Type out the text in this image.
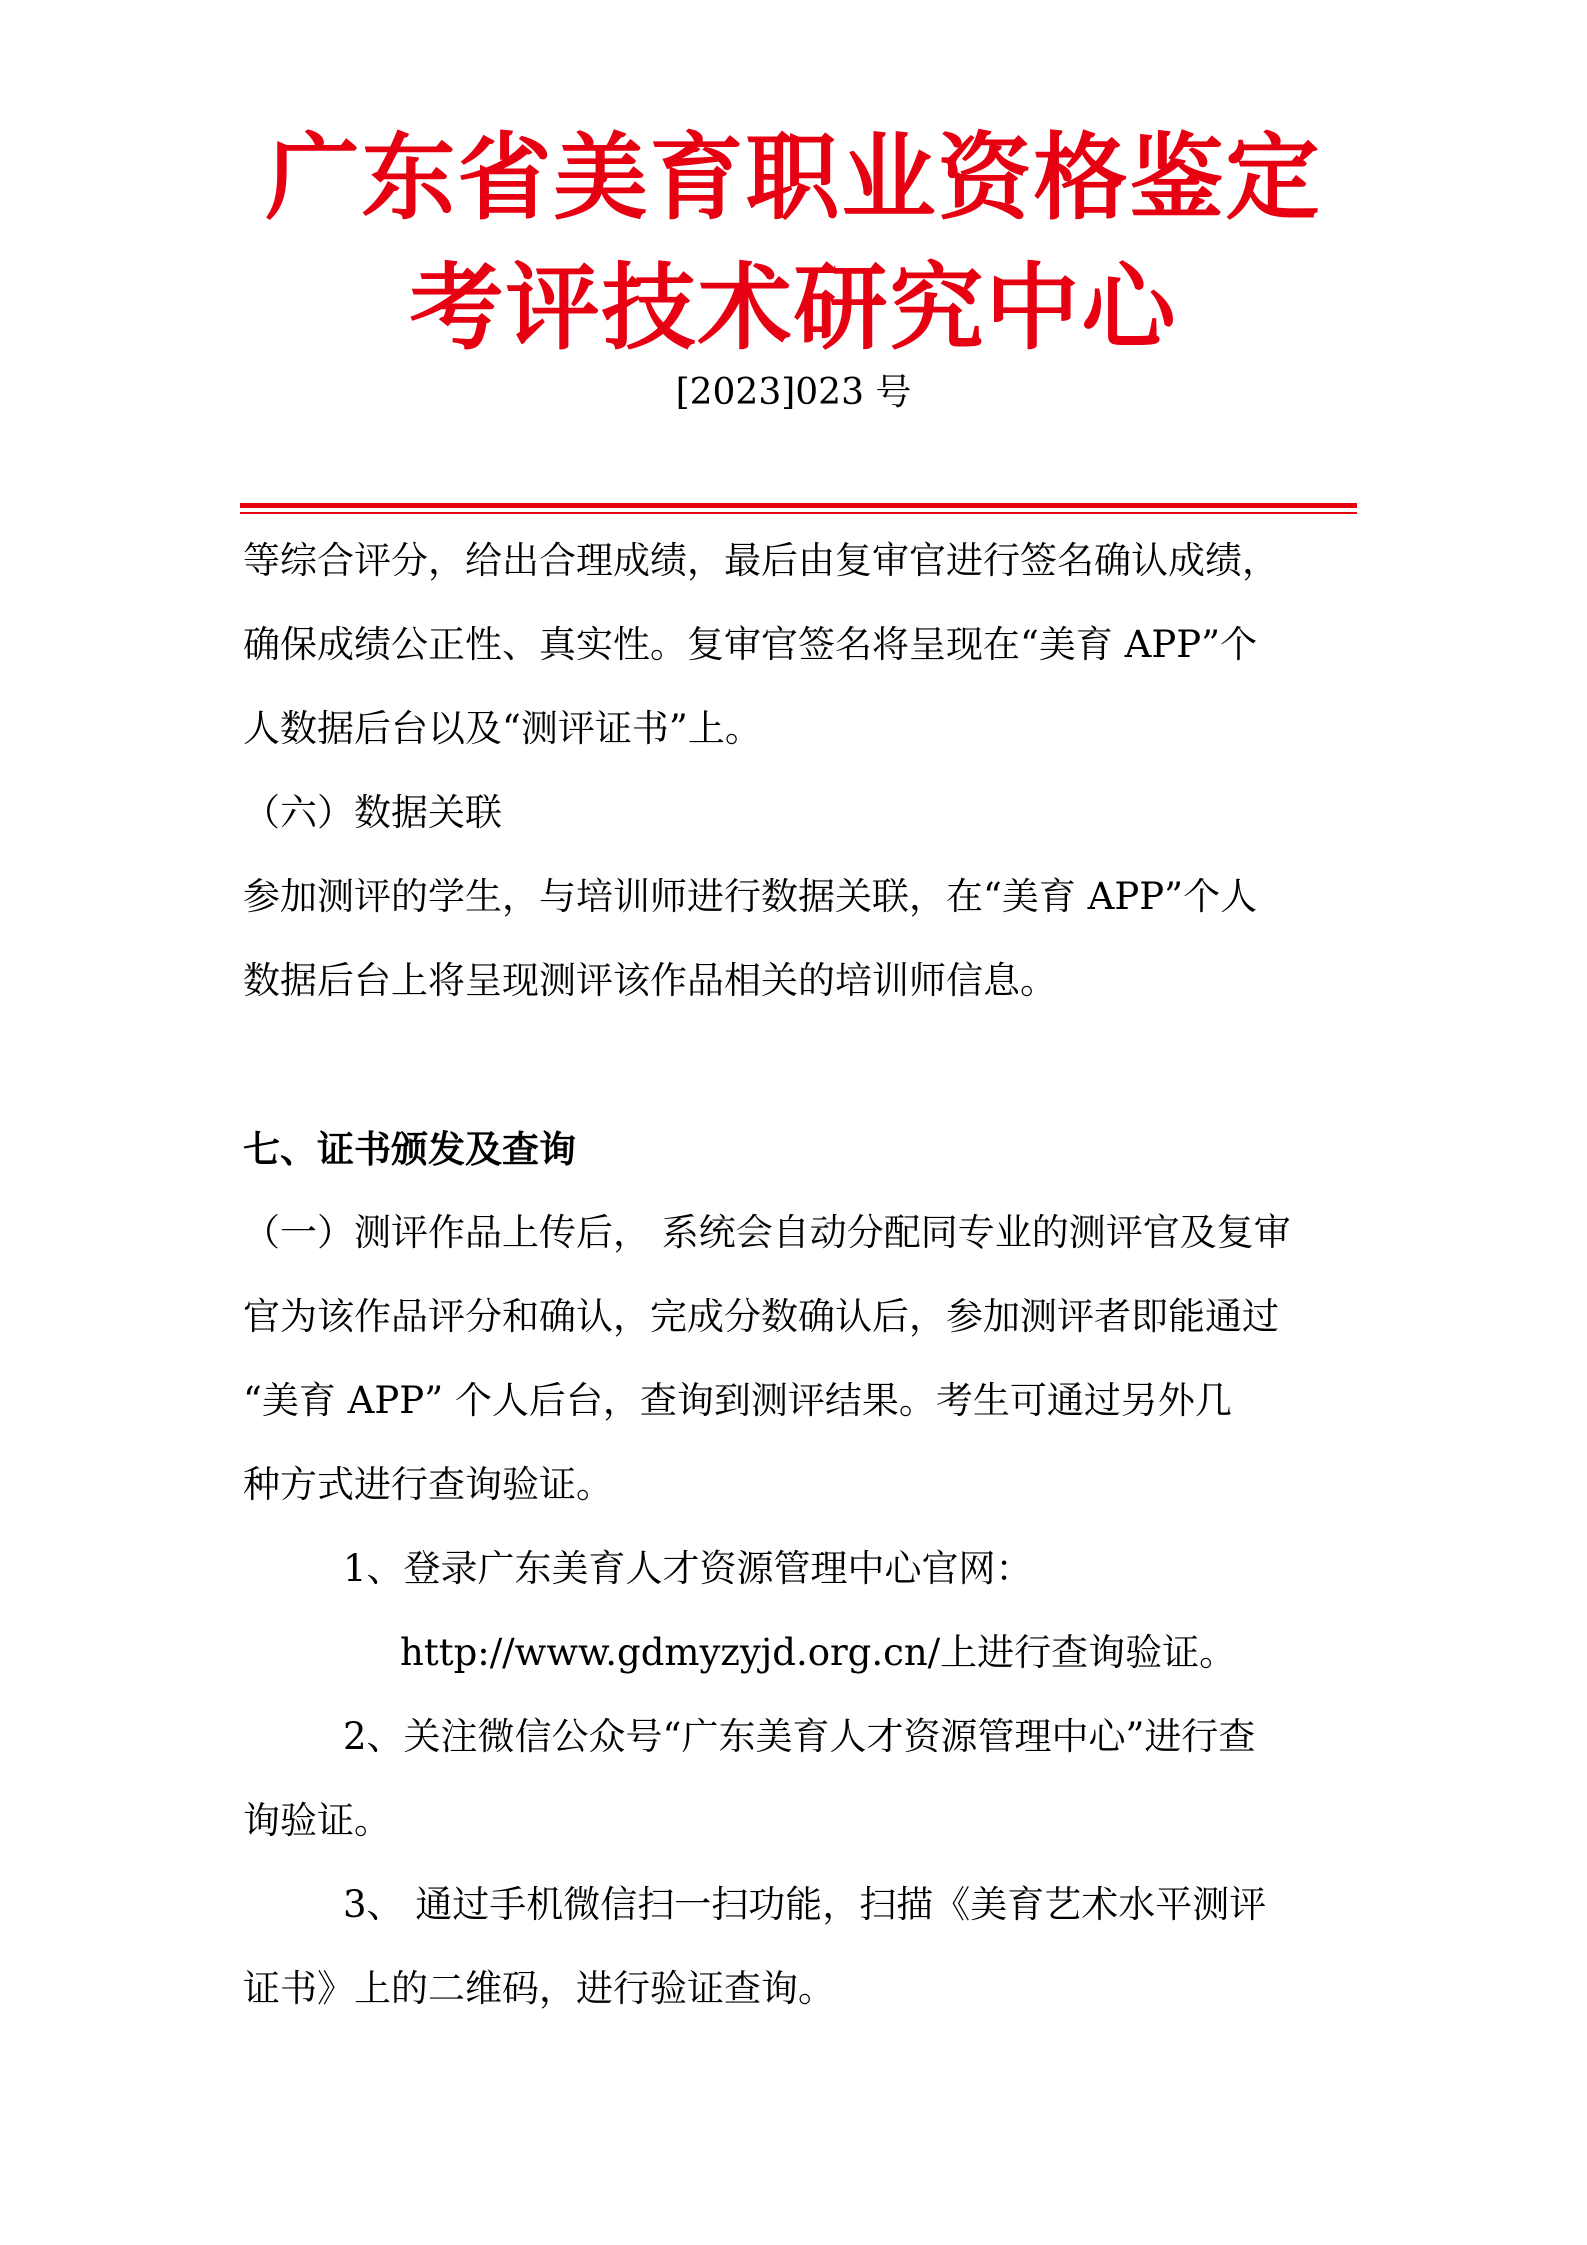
广东省美育职业资格鉴定
考评技术研究中心
[2023]023 号
等综合评分，给出合理成绩，最后由复审官进行签名确认成绩，
确保成绩公正性、真实性。复审官签名将呈现在“美育 APP”个
人数据后台以及“测评证书”上。
（六）数据关联
参加测评的学生，与培训师进行数据关联，在“美育 APP”个人
数据后台上将呈现测评该作品相关的培训师信息。
七、证书颁发及查询
（一）测评作品上传后， 系统会自动分配同专业的测评官及复审
官为该作品评分和确认，完成分数确认后，参加测评者即能通过
“美育 APP” 个人后台，查询到测评结果。考生可通过另外几
种方式进行查询验证。
1、登录广东美育人才资源管理中心官网：
http://www.gdmyzyjd.org.cn/上进行查询验证。
2、关注微信公众号“广东美育人才资源管理中心”进行查
询验证。
3、 通过手机微信扫一扫功能，扫描《美育艺术水平测评
证书》上的二维码，进行验证查询。
